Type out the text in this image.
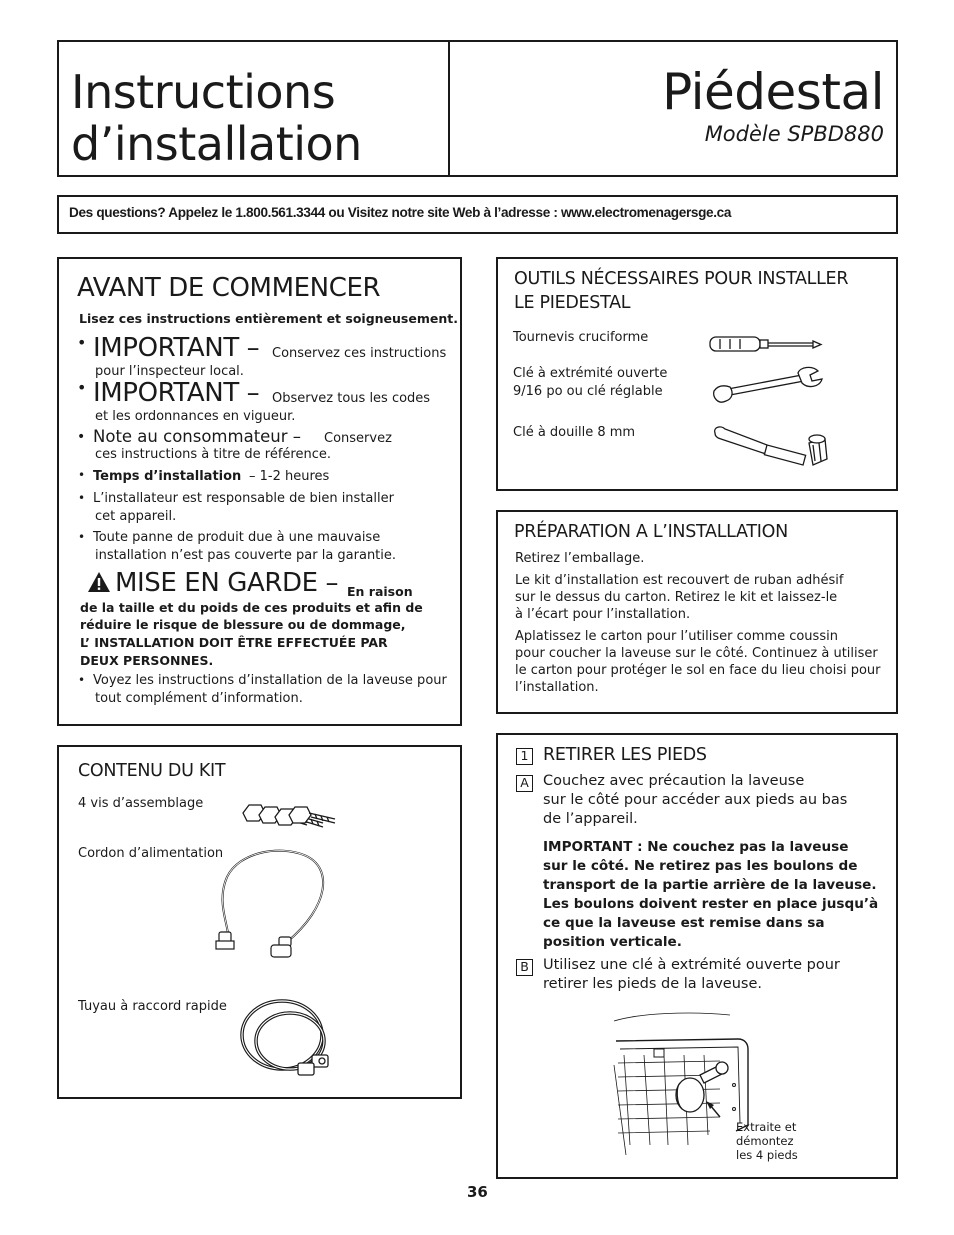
Instructions
d’installation
Piédestal
Modèle SPBD880
Des questions? Appelez le 1.800.561.3344 ou Visitez notre site Web à l’adresse : www.electromenagersge.ca
AVANT DE COMMENCER
Lisez ces instructions entièrement et soigneusement.
• IMPORTANT – Conservez ces instructions
pour l’inspecteur local.
• IMPORTANT – Observez tous les codes
et les ordonnances en vigueur.
• Note au consommateur – Conservez
ces instructions à titre de référence.
• Temps d’installation – 1-2 heures
• L’installateur est responsable de bien installer
cet appareil.
• Toute panne de produit due à une mauvaise
installation n’est pas couverte par la garantie.
MISE EN GARDE – En raison
de la taille et du poids de ces produits et afin de
réduire le risque de blessure ou de dommage,
L’ INSTALLATION DOIT ÊTRE EFFECTUÉE PAR
DEUX PERSONNES.
• Voyez les instructions d’installation de la laveuse pour
tout complément d’information.
CONTENU DU KIT
4 vis d’assemblage
Cordon d’alimentation
Tuyau à raccord rapide
OUTILS NÉCESSAIRES POUR INSTALLER
LE PIEDESTAL
Tournevis cruciforme
Clé à extrémité ouverte
9/16 po ou clé réglable
Clé à douille 8 mm
PRÉPARATION A L’INSTALLATION
Retirez l’emballage.
Le kit d’installation est recouvert de ruban adhésif
sur le dessus du carton. Retirez le kit et laissez-le
à l’écart pour l’installation.
Aplatissez le carton pour l’utiliser comme coussin
pour coucher la laveuse sur le côté. Continuez à utiliser
le carton pour protéger le sol en face du lieu choisi pour
l’installation.
1 RETIRER LES PIEDS
A Couchez avec précaution la laveuse
sur le côté pour accéder aux pieds au bas
de l’appareil.
IMPORTANT : Ne couchez pas la laveuse
sur le côté. Ne retirez pas les boulons de
transport de la partie arrière de la laveuse.
Les boulons doivent rester en place jusqu’à
ce que la laveuse est remise dans sa
position verticale.
B Utilisez une clé à extrémité ouverte pour
retirer les pieds de la laveuse.
Extraite et
démontez
les 4 pieds
36
